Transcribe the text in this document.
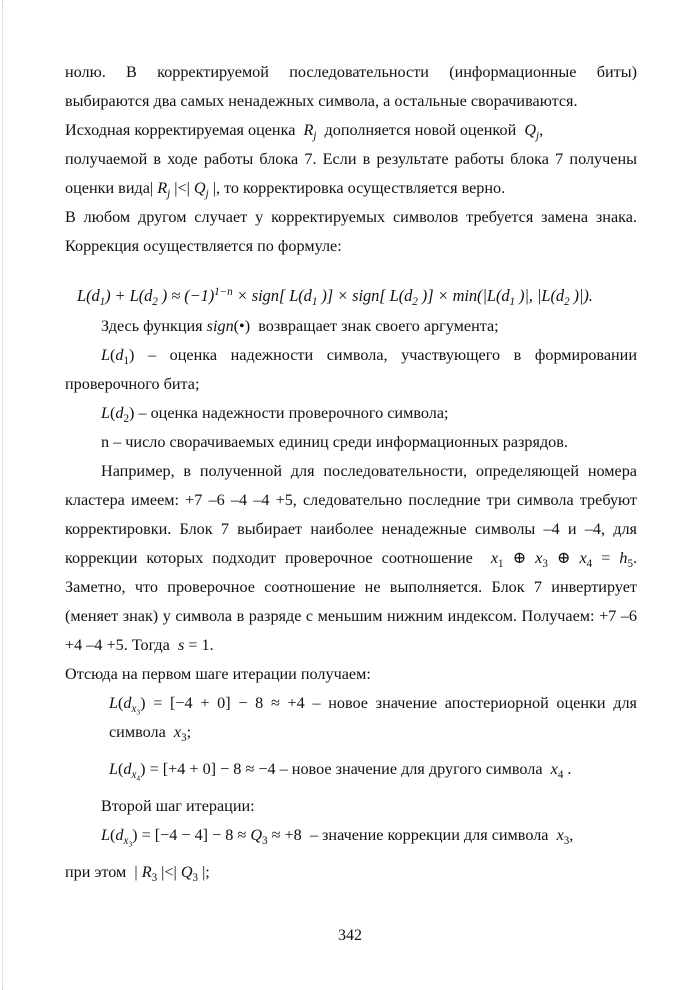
нолю. В корректируемой последовательности (информационные биты) выбираются два самых ненадежных символа, а остальные сворачиваются.

Исходная корректируемая оценка $R_j$ дополняется новой оценкой $Q_j$,

получаемой в ходе работы блока 7. Если в результате работы блока 7 получены оценки вида| $R_j$ |<| $Q_j$ |, то корректировка осуществляется верно.

В любом другом случает у корректируемых символов требуется замена знака. Коррекция осуществляется по формуле:

$L(d_1) + L(d_2$ ) ≈ $(-1)^{1-n}$ × sign[ $L(d_1$ )] × sign[ $L(d_2$ )] × $\min(|L(d_1$ )|, $|L(d_2$ )|).

Здесь функция sign(•)  возвращает знак своего аргумента;

$L(d_1)$ – оценка надежности символа, участвующего в формировании проверочного бита;

$L(d_2)$ – оценка надежности проверочного символа;

n – число сворачиваемых единиц среди информационных разрядов.

Например, в полученной для последовательности, определяющей номера кластера имеем: +7 –6 –4 –4 +5, следовательно последние три символа требуют корректировки. Блок 7 выбирает наиболее ненадежные символы –4 и –4, для коррекции которых подходит проверочное соотношение $x_1$ ⊕ $x_3$ ⊕ $x_4 = h_5$. Заметно, что проверочное соотношение не выполняется. Блок 7 инвертирует (меняет знак) у символа в разряде с меньшим нижним индексом. Получаем: +7 –6 +4 –4 +5. Тогда s = 1.

Отсюда на первом шаге итерации получаем:

$L(d_{x_3}) = [-4 + 0] - 8 \approx +4$ – новое значение апостериорной оценки для символа $x_3$;

$L(d_{x_4}) = [+4 + 0] - 8 \approx -4$ – новое значение для другого символа $x_4$ .

Второй шаг итерации:

$L(d_{x_3}) = [-4 - 4] - 8 \approx Q_3 \approx +8$  – значение коррекции для символа $x_3$,

при этом  | $R_3$ |<| $Q_3$ |;

342
